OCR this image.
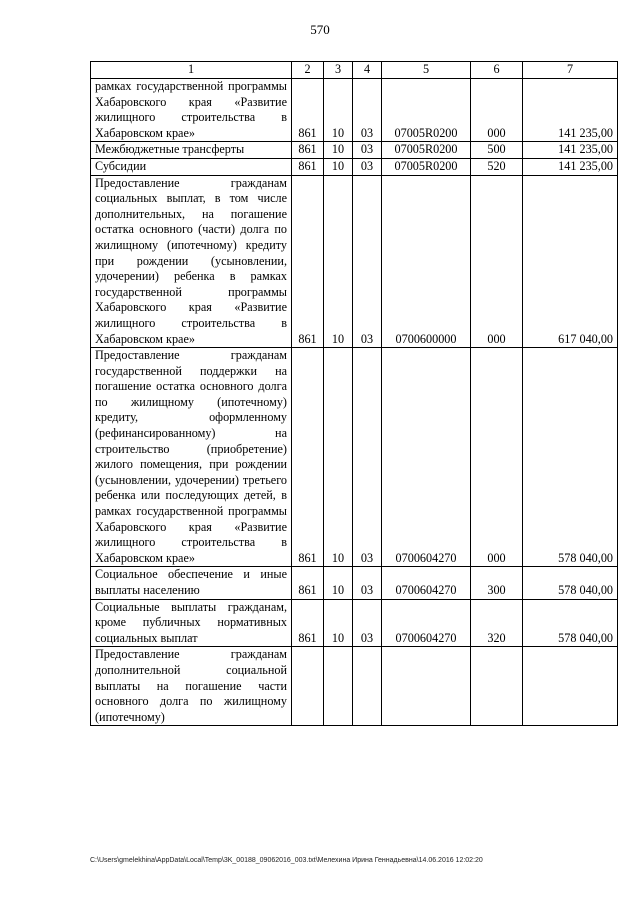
570
1	2	3	4	5	6	7
рамках государственной программы Хабаровского края «Развитие жилищного строительства в Хабаровском крае»	861	10	03	07005R0200	000	141 235,00
Межбюджетные трансферты	861	10	03	07005R0200	500	141 235,00
Субсидии	861	10	03	07005R0200	520	141 235,00
Предоставление гражданам социальных выплат, в том числе дополнительных, на погашение остатка основного (части) долга по жилищному (ипотечному) кредиту при рождении (усыновлении, удочерении) ребенка в рамках государственной программы Хабаровского края «Развитие жилищного строительства в Хабаровском крае»	861	10	03	0700600000	000	617 040,00
Предоставление гражданам государственной поддержки на погашение остатка основного долга по жилищному (ипотечному) кредиту, оформленному (рефинансированному) на строительство (приобретение) жилого помещения, при рождении (усыновлении, удочерении) третьего ребенка или последующих детей, в рамках государственной программы Хабаровского края «Развитие жилищного строительства в Хабаровском крае»	861	10	03	0700604270	000	578 040,00
Социальное обеспечение и иные выплаты населению	861	10	03	0700604270	300	578 040,00
Социальные выплаты гражданам, кроме публичных нормативных социальных выплат	861	10	03	0700604270	320	578 040,00
Предоставление гражданам дополнительной социальной выплаты на погашение части основного долга по жилищному (ипотечному)						
C:\Users\gmelekhina\AppData\Local\Temp\3K_00188_09062016_003.txt\Мелехина Ирина Геннадьевна\14.06.2016 12:02:20
